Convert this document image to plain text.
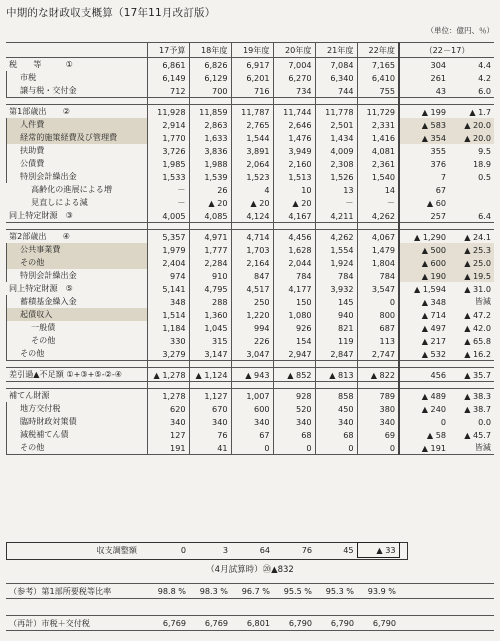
中期的な財政収支概算（17年11月改訂版）
（単位：億円、％）
	17予算	18年度	19年度	20年度	21年度	22年度	（22－17）	
税　　等　　　①	6,861	6,826	6,917	7,004	7,084	7,165	304	4.4
市税	6,149	6,129	6,201	6,270	6,340	6,410	261	4.2
譲与税・交付金	712	700	716	734	744	755	43	6.0

第1部歳出　　②	11,928	11,859	11,787	11,744	11,778	11,729	▲ 199	▲ 1.7
人件費	2,914	2,863	2,765	2,646	2,501	2,331	▲ 583	▲ 20.0
経常的施策経費及び管理費	1,770	1,633	1,544	1,476	1,434	1,416	▲ 354	▲ 20.0
扶助費	3,726	3,836	3,891	3,949	4,009	4,081	355	9.5
公債費	1,985	1,988	2,064	2,160	2,308	2,361	376	18.9
特別会計繰出金	1,533	1,539	1,523	1,513	1,526	1,540	7	0.5
高齢化の進展による増	－	26	4	10	13	14	67	
見直しによる減	－	▲ 20	▲ 20	▲ 20	－	－	▲ 60	
同上特定財源　③	4,005	4,085	4,124	4,167	4,211	4,262	257	6.4

第2部歳出　　④	5,357	4,971	4,714	4,456	4,262	4,067	▲ 1,290	▲ 24.1
公共事業費	1,979	1,777	1,703	1,628	1,554	1,479	▲ 500	▲ 25.3
その他	2,404	2,284	2,164	2,044	1,924	1,804	▲ 600	▲ 25.0
特別会計繰出金	974	910	847	784	784	784	▲ 190	▲ 19.5
同上特定財源　⑤	5,141	4,795	4,517	4,177	3,932	3,547	▲ 1,594	▲ 31.0
蓄積基金繰入金	348	288	250	150	145	0	▲ 348	皆減
起債収入	1,514	1,360	1,220	1,080	940	800	▲ 714	▲ 47.2
一般債	1,184	1,045	994	926	821	687	▲ 497	▲ 42.0
その他	330	315	226	154	119	113	▲ 217	▲ 65.8
その他	3,279	3,147	3,047	2,947	2,847	2,747	▲ 532	▲ 16.2

差引過▲不足額 ①+③+⑤-②-④	▲ 1,278	▲ 1,124	▲ 943	▲ 852	▲ 813	▲ 822	456	▲ 35.7

補てん財源	1,278	1,127	1,007	928	858	789	▲ 489	▲ 38.3
地方交付税	620	670	600	520	450	380	▲ 240	▲ 38.7
臨時財政対策債	340	340	340	340	340	340	0	0.0
減税補てん債	127	76	67	68	68	69	▲ 58	▲ 45.7
その他	191	41	0	0	0	0	▲ 191	皆減
収支調整額	0	3	64	76	45	▲ 33	
（4月試算時）⑳▲832
（参考）第1部所要税等比率	98.8 %	98.3 %	96.7 %	95.5 %	95.3 %	93.9 %	
（再計）市税＋交付税	6,769	6,769	6,801	6,790	6,790	6,790	
